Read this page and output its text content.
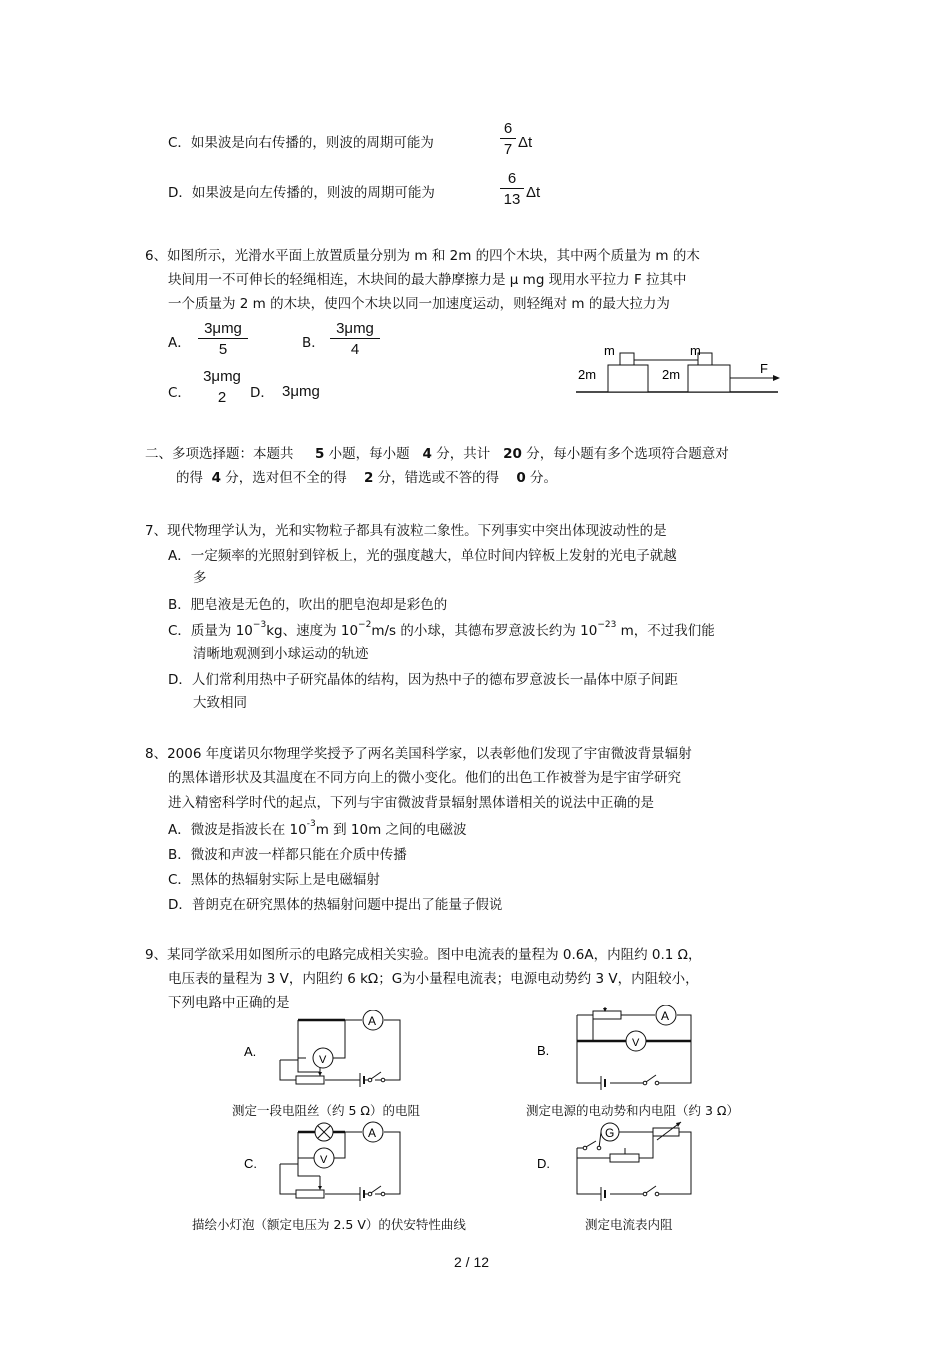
C．如果波是向右传播的，则波的周期可能为
6
7 Δt
D．如果波是向左传播的，则波的周期可能为
6
13 Δt
6、如图所示，光滑水平面上放置质量分别为 m 和 2m 的四个木块，其中两个质量为 m 的木
块间用一不可伸长的轻绳相连，木块间的最大静摩擦力是 μ mg 现用水平拉力 F 拉其中
一个质量为 2 m 的木块，使四个木块以同一加速度运动，则轻绳对 m 的最大拉力为
A．
3μmg
5	B．
3μmg
4
C．
3μmg
2	D． 3μmg
m	m
2m	2m	F
二、多项选择题：本题共 5 小题，每小题 4 分，共计 20 分，每小题有多个选项符合题意对
的得 4 分，选对但不全的得 2 分，错选或不答的得 0 分。
7、现代物理学认为，光和实物粒子都具有波粒二象性。下列事实中突出体现波动性的是
A．一定频率的光照射到锌板上，光的强度越大，单位时间内锌板上发射的光电子就越
多
B．肥皂液是无色的，吹出的肥皂泡却是彩色的
C．质量为 $10^{-3}kg$、速度为 $10^{-2}m/s$ 的小球，其德布罗意波长约为 $10^{-23}$ m，不过我们能
清晰地观测到小球运动的轨迹
D．人们常利用热中子研究晶体的结构，因为热中子的德布罗意波长一晶体中原子间距
大致相同
8、2006 年度诺贝尔物理学奖授予了两名美国科学家，以表彰他们发现了宇宙微波背景辐射
的黑体谱形状及其温度在不同方向上的微小变化。他们的出色工作被誉为是宇宙学研究
进入精密科学时代的起点，下列与宇宙微波背景辐射黑体谱相关的说法中正确的是
A．微波是指波长在 $10^{-3}m$ 到 10m 之间的电磁波
B．微波和声波一样都只能在介质中传播
C．黑体的热辐射实际上是电磁辐射
D．普朗克在研究黑体的热辐射问题中提出了能量子假说
9、某同学欲采用如图所示的电路完成相关实验。图中电流表的量程为 0.6A，内阻约 0.1 Ω，
电压表的量程为 3 V，内阻约 6 kΩ；G为小量程电流表；电源电动势约 3 V，内阻较小，
下列电路中正确的是
A
V
A.
测定一段电阻丝（约 5 Ω）的电阻
A
V
B.
测定电源的电动势和内电阻（约 3 Ω）
A
V
C.
描绘小灯泡（额定电压为 2.5 V）的伏安特性曲线
G
D.
测定电流表内阻
2 / 12
